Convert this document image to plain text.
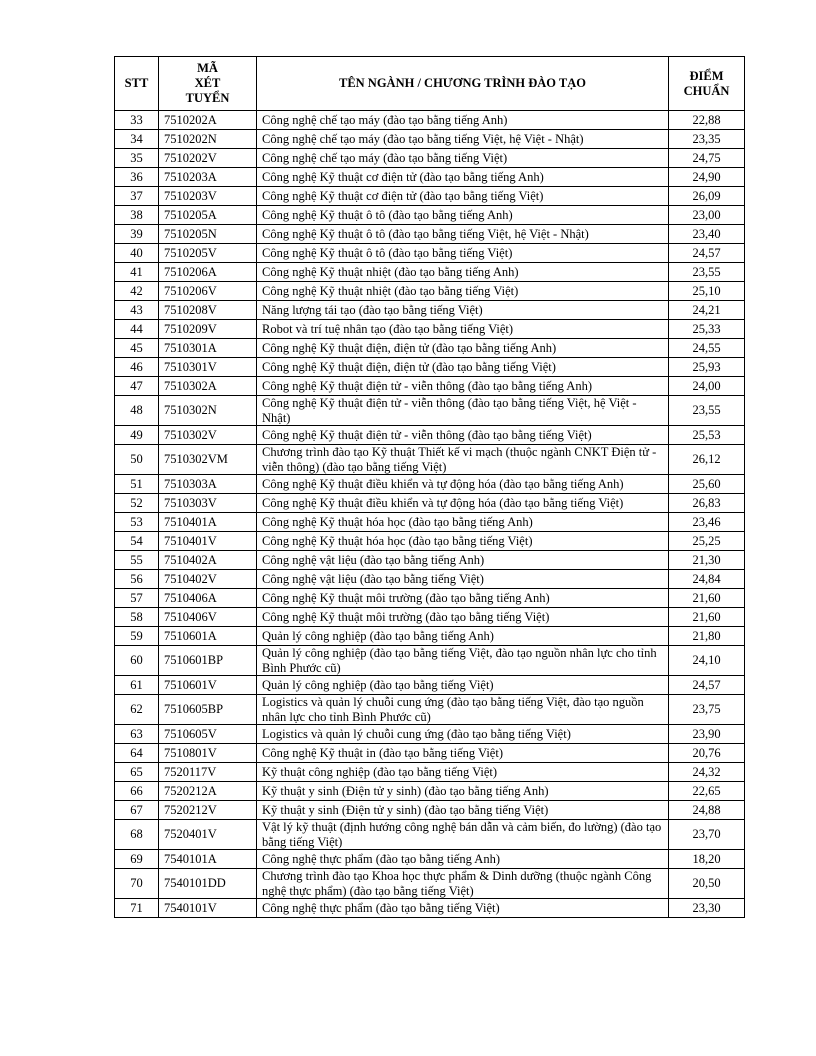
STT	MÃ
XÉT
TUYỂN	TÊN NGÀNH / CHƯƠNG TRÌNH ĐÀO TẠO	ĐIỂM
CHUẨN
33	7510202A	Công nghệ chế tạo máy (đào tạo bằng tiếng Anh)	22,88
34	7510202N	Công nghệ chế tạo máy (đào tạo bằng tiếng Việt, hệ Việt - Nhật)	23,35
35	7510202V	Công nghệ chế tạo máy (đào tạo bằng tiếng Việt)	24,75
36	7510203A	Công nghệ Kỹ thuật cơ điện tử (đào tạo bằng tiếng Anh)	24,90
37	7510203V	Công nghệ Kỹ thuật cơ điện tử (đào tạo bằng tiếng Việt)	26,09
38	7510205A	Công nghệ Kỹ thuật ô tô (đào tạo bằng tiếng Anh)	23,00
39	7510205N	Công nghệ Kỹ thuật ô tô (đào tạo bằng tiếng Việt, hệ Việt - Nhật)	23,40
40	7510205V	Công nghệ Kỹ thuật ô tô (đào tạo bằng tiếng Việt)	24,57
41	7510206A	Công nghệ Kỹ thuật nhiệt (đào tạo bằng tiếng Anh)	23,55
42	7510206V	Công nghệ Kỹ thuật nhiệt (đào tạo bằng tiếng Việt)	25,10
43	7510208V	Năng lượng tái tạo (đào tạo bằng tiếng Việt)	24,21
44	7510209V	Robot và trí tuệ nhân tạo (đào tạo bằng tiếng Việt)	25,33
45	7510301A	Công nghệ Kỹ thuật điện, điện tử (đào tạo bằng tiếng Anh)	24,55
46	7510301V	Công nghệ Kỹ thuật điện, điện tử (đào tạo bằng tiếng Việt)	25,93
47	7510302A	Công nghệ Kỹ thuật điện tử - viễn thông (đào tạo bằng tiếng Anh)	24,00
48	7510302N	Công nghệ Kỹ thuật điện tử - viễn thông (đào tạo bằng tiếng Việt, hệ Việt - Nhật)	23,55
49	7510302V	Công nghệ Kỹ thuật điện tử - viễn thông (đào tạo bằng tiếng Việt)	25,53
50	7510302VM	Chương trình đào tạo Kỹ thuật Thiết kế vi mạch (thuộc ngành CNKT Điện tử - viễn thông) (đào tạo bằng tiếng Việt)	26,12
51	7510303A	Công nghệ Kỹ thuật điều khiển và tự động hóa (đào tạo bằng tiếng Anh)	25,60
52	7510303V	Công nghệ Kỹ thuật điều khiển và tự động hóa (đào tạo bằng tiếng Việt)	26,83
53	7510401A	Công nghệ Kỹ thuật hóa học (đào tạo bằng tiếng Anh)	23,46
54	7510401V	Công nghệ Kỹ thuật hóa học (đào tạo bằng tiếng Việt)	25,25
55	7510402A	Công nghệ vật liệu (đào tạo bằng tiếng Anh)	21,30
56	7510402V	Công nghệ vật liệu (đào tạo bằng tiếng Việt)	24,84
57	7510406A	Công nghệ Kỹ thuật môi trường (đào tạo bằng tiếng Anh)	21,60
58	7510406V	Công nghệ Kỹ thuật môi trường (đào tạo bằng tiếng Việt)	21,60
59	7510601A	Quản lý công nghiệp (đào tạo bằng tiếng Anh)	21,80
60	7510601BP	Quản lý công nghiệp (đào tạo bằng tiếng Việt, đào tạo nguồn nhân lực cho tỉnh Bình Phước cũ)	24,10
61	7510601V	Quản lý công nghiệp (đào tạo bằng tiếng Việt)	24,57
62	7510605BP	Logistics và quản lý chuỗi cung ứng (đào tạo bằng tiếng Việt, đào tạo nguồn nhân lực cho tỉnh Bình Phước cũ)	23,75
63	7510605V	Logistics và quản lý chuỗi cung ứng (đào tạo bằng tiếng Việt)	23,90
64	7510801V	Công nghệ Kỹ thuật in (đào tạo bằng tiếng Việt)	20,76
65	7520117V	Kỹ thuật công nghiệp (đào tạo bằng tiếng Việt)	24,32
66	7520212A	Kỹ thuật y sinh (Điện tử y sinh) (đào tạo bằng tiếng Anh)	22,65
67	7520212V	Kỹ thuật y sinh (Điện tử y sinh) (đào tạo bằng tiếng Việt)	24,88
68	7520401V	Vật lý kỹ thuật (định hướng công nghệ bán dẫn và cảm biến, đo lường) (đào tạo bằng tiếng Việt)	23,70
69	7540101A	Công nghệ thực phẩm (đào tạo bằng tiếng Anh)	18,20
70	7540101DD	Chương trình đào tạo Khoa học thực phẩm & Dinh dưỡng (thuộc ngành Công nghệ thực phẩm) (đào tạo bằng tiếng Việt)	20,50
71	7540101V	Công nghệ thực phẩm (đào tạo bằng tiếng Việt)	23,30
